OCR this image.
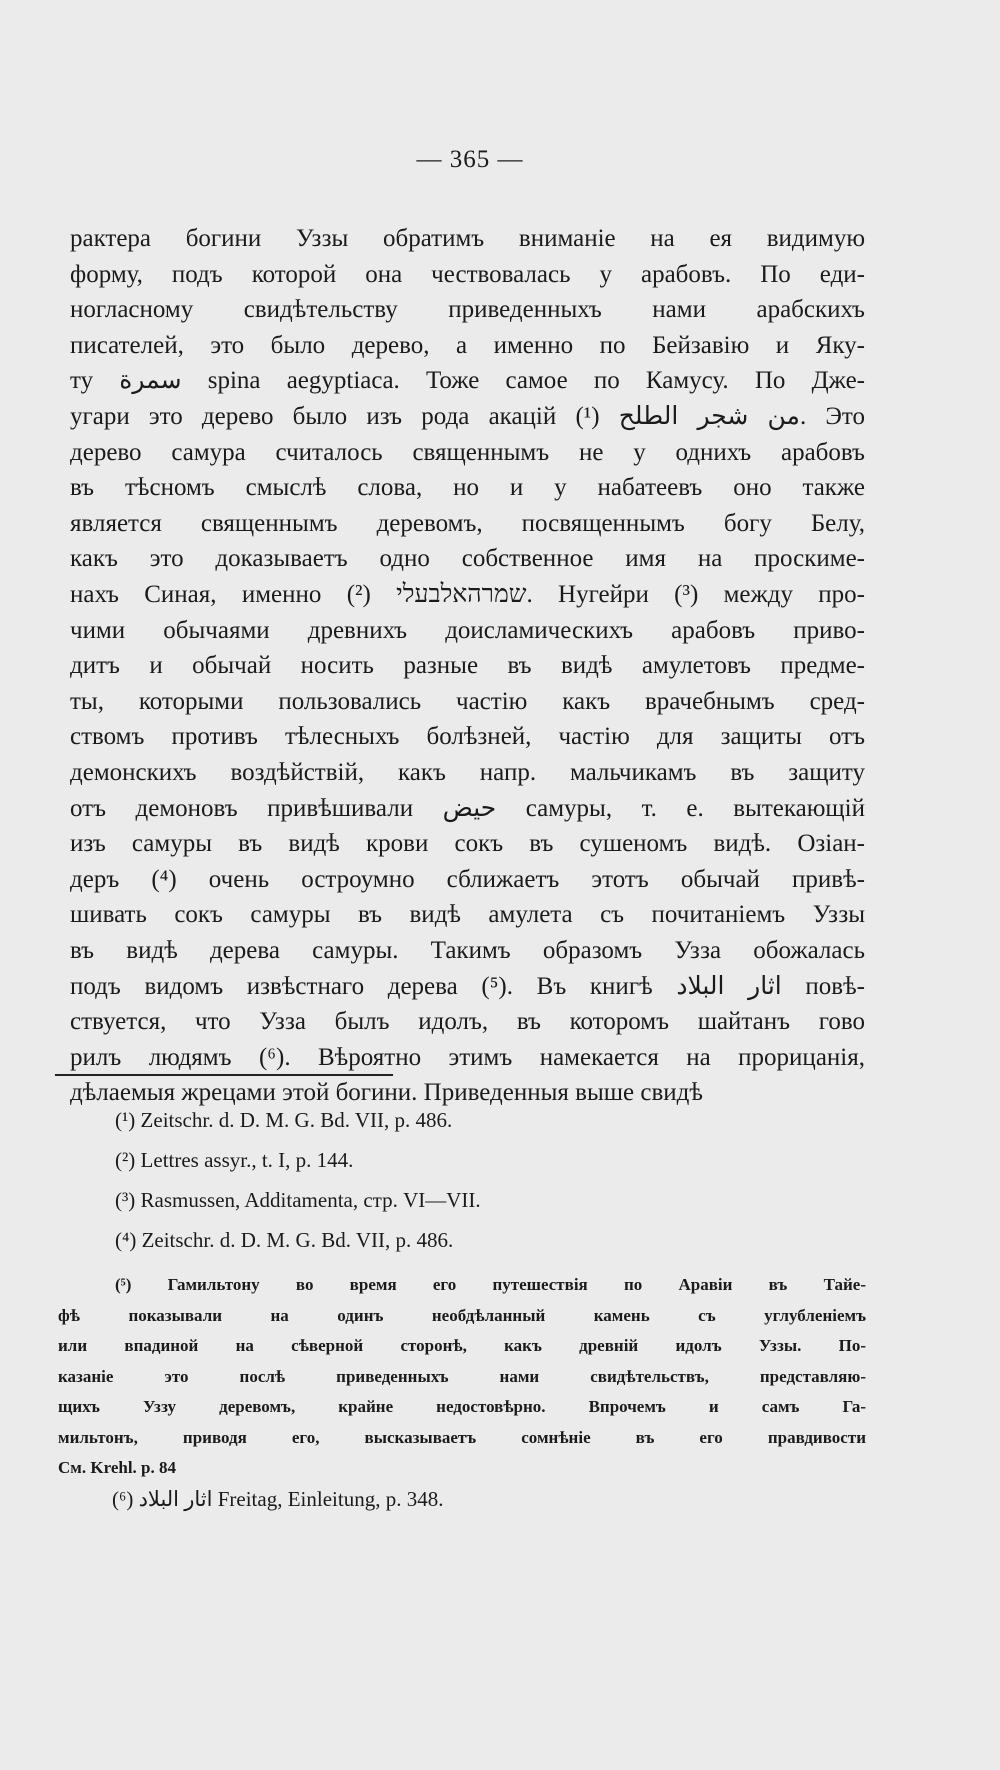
— 365 —
рактера богини Уззы обратимъ вниманіе на ея видимую
форму, подъ которой она чествовалась у арабовъ. По еди-
ногласному свидѣтельству приведенныхъ нами арабскихъ
писателей, это было дерево, а именно по Бейзавію и Яку-
ту سمرة spina aegyptiaca. Тоже самое по Камусу. По Дже-
угари это дерево было изъ рода акацій من شجر الطلح (¹). Это
дерево самура считалось священнымъ не у однихъ арабовъ
въ тѣсномъ смыслѣ слова, но и у набатеевъ оно также
является священнымъ деревомъ, посвященнымъ богу Белу,
какъ это доказываетъ одно собственное имя на проскиме-
нахъ Синая, именно שמרהאלבעלי (²). Нугейри (³) между про-
чими обычаями древнихъ доисламическихъ арабовъ приво-
дитъ и обычай носить разные въ видѣ амулетовъ предме-
ты, которыми пользовались частію какъ врачебнымъ сред-
ствомъ противъ тѣлесныхъ болѣзней, частію для защиты отъ
демонскихъ воздѣйствій, какъ напр. мальчикамъ въ защиту
отъ демоновъ привѣшивали حيض самуры, т. е. вытекающій
изъ самуры въ видѣ крови сокъ въ сушеномъ видѣ. Озіан-
деръ (⁴) очень остроумно сближаетъ этотъ обычай привѣ-
шивать сокъ самуры въ видѣ амулета съ почитаніемъ Уззы
въ видѣ дерева самуры. Такимъ образомъ Узза обожалась
подъ видомъ извѣстнаго дерева (⁵). Въ книгѣ اثار البلاد повѣ-
ствуется, что Узза былъ идолъ, въ которомъ шайтанъ гово
рилъ людямъ (⁶). Вѣроятно этимъ намекается на прорицанія,
дѣлаемыя жрецами этой богини. Приведенныя выше свидѣ
(¹) Zeitschr. d. D. M. G. Bd. VII, p. 486.
(²) Lettres assyr., t. I, p. 144.
(³) Rasmussen, Additamenta, стр. VI—VII.
(⁴) Zeitschr. d. D. M. G. Bd. VII, p. 486.
(⁵) Гамильтону во время его путешествія по Аравіи въ Тайе-
фѣ показывали на одинъ необдѣланный камень съ углубленіемъ
или впадиной на сѣверной сторонѣ, какъ древній идолъ Уззы. По-
казаніе это послѣ приведенныхъ нами свидѣтельствъ, представляю-
щихъ Уззу деревомъ, крайне недостовѣрно. Впрочемъ и самъ Га-
мильтонъ, приводя его, высказываетъ сомнѣніе въ его правдивости
См. Krehl. p. 84
(⁶) اثار البلاد Freitag, Einleitung, p. 348.
